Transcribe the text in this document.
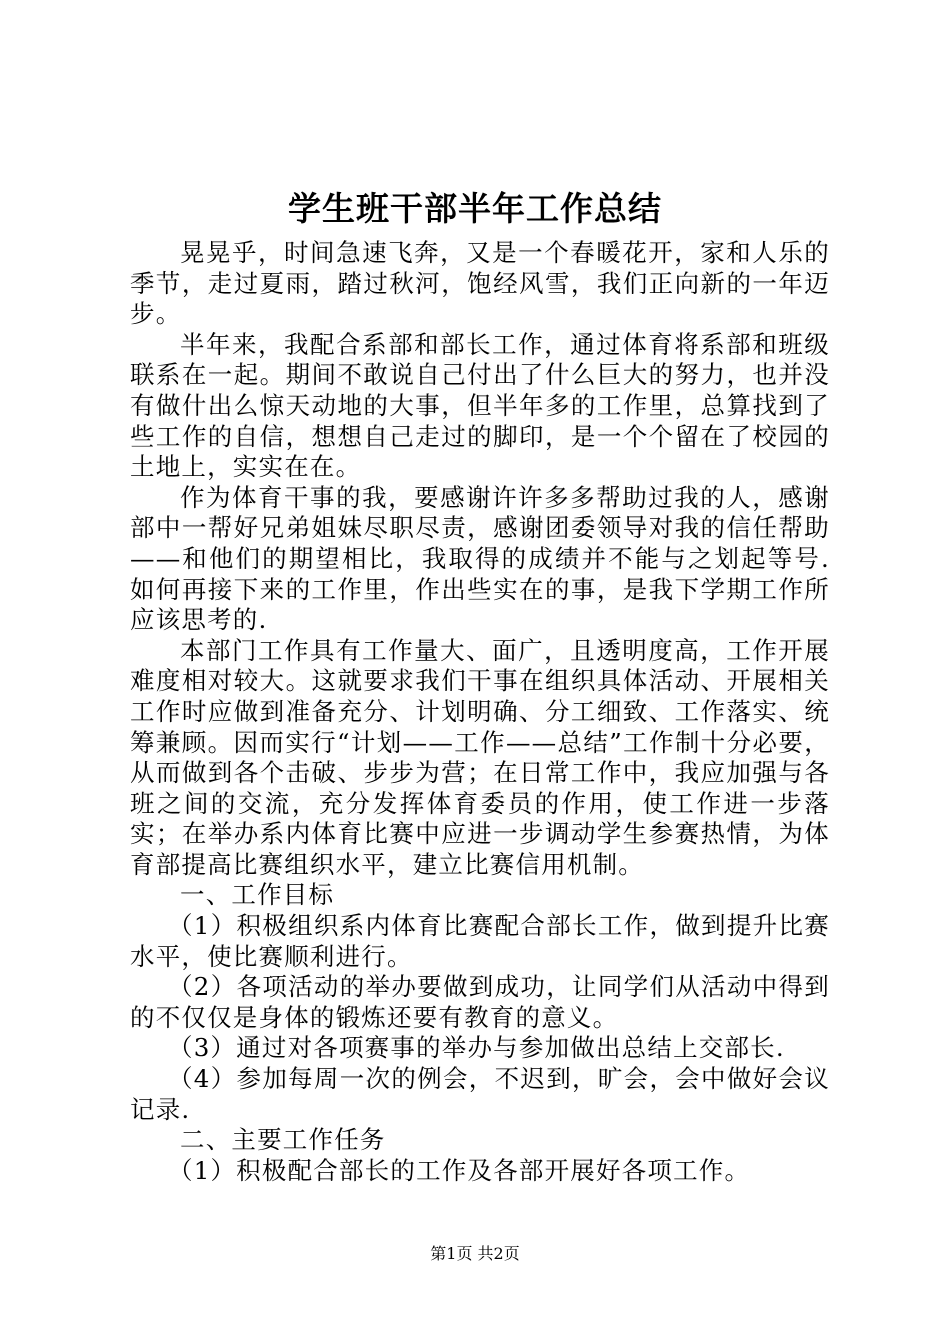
学生班干部半年工作总结

晃晃乎，时间急速飞奔，又是一个春暖花开，家和人乐的季节，走过夏雨，踏过秋河，饱经风雪，我们正向新的一年迈步。

半年来，我配合系部和部长工作，通过体育将系部和班级联系在一起。期间不敢说自己付出了什么巨大的努力，也并没有做什出么惊天动地的大事，但半年多的工作里，总算找到了些工作的自信，想想自己走过的脚印，是一个个留在了校园的土地上，实实在在。

作为体育干事的我，要感谢许许多多帮助过我的人，感谢部中一帮好兄弟姐妹尽职尽责，感谢团委领导对我的信任帮助——和他们的期望相比，我取得的成绩并不能与之划起等号.如何再接下来的工作里，作出些实在的事，是我下学期工作所应该思考的.

本部门工作具有工作量大、面广，且透明度高，工作开展难度相对较大。这就要求我们干事在组织具体活动、开展相关工作时应做到准备充分、计划明确、分工细致、工作落实、统筹兼顾。因而实行“计划——工作——总结”工作制十分必要，从而做到各个击破、步步为营；在日常工作中，我应加强与各班之间的交流，充分发挥体育委员的作用，使工作进一步落实；在举办系内体育比赛中应进一步调动学生参赛热情，为体育部提高比赛组织水平，建立比赛信用机制。

一、工作目标

（1）积极组织系内体育比赛配合部长工作，做到提升比赛水平，使比赛顺利进行。

（2）各项活动的举办要做到成功，让同学们从活动中得到的不仅仅是身体的锻炼还要有教育的意义。

（3）通过对各项赛事的举办与参加做出总结上交部长.

（4）参加每周一次的例会，不迟到，旷会，会中做好会议记录.

二、主要工作任务

（1）积极配合部长的工作及各部开展好各项工作。

第1页 共2页
